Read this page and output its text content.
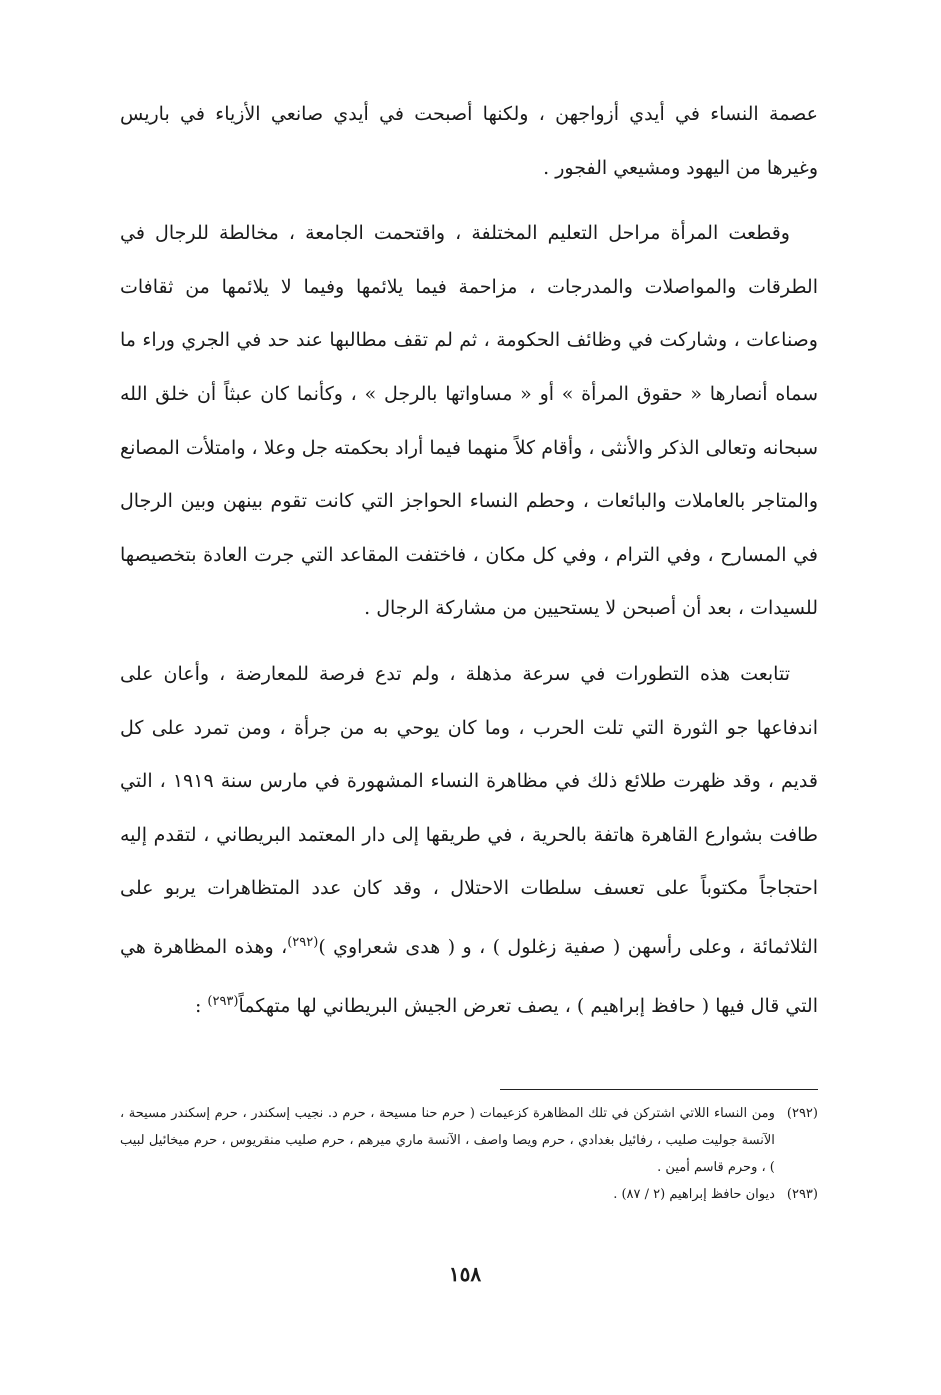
عصمة النساء في أيدي أزواجهن ، ولكنها أصبحت في أيدي صانعي الأزياء في باريس وغيرها من اليهود ومشيعي الفجور .

وقطعت المرأة مراحل التعليم المختلفة ، واقتحمت الجامعة ، مخالطة للرجال في الطرقات والمواصلات والمدرجات ، مزاحمة فيما يلائمها وفيما لا يلائمها من ثقافات وصناعات ، وشاركت في وظائف الحكومة ، ثم لم تقف مطالبها عند حد في الجري وراء ما سماه أنصارها « حقوق المرأة » أو « مساواتها بالرجل » ، وكأنما كان عبثاً أن خلق الله سبحانه وتعالى الذكر والأنثى ، وأقام كلاً منهما فيما أراد بحكمته جل وعلا ، وامتلأت المصانع والمتاجر بالعاملات والبائعات ، وحطم النساء الحواجز التي كانت تقوم بينهن وبين الرجال في المسارح ، وفي الترام ، وفي كل مكان ، فاختفت المقاعد التي جرت العادة بتخصيصها للسيدات ، بعد أن أصبحن لا يستحيين من مشاركة الرجال .

تتابعت هذه التطورات في سرعة مذهلة ، ولم تدع فرصة للمعارضة ، وأعان على اندفاعها جو الثورة التي تلت الحرب ، وما كان يوحي به من جرأة ، ومن تمرد على كل قديم ، وقد ظهرت طلائع ذلك في مظاهرة النساء المشهورة في مارس سنة ١٩١٩ ، التي طافت بشوارع القاهرة هاتفة بالحرية ، في طريقها إلى دار المعتمد البريطاني ، لتقدم إليه احتجاجاً مكتوباً على تعسف سلطات الاحتلال ، وقد كان عدد المتظاهرات يربو على الثلاثمائة ، وعلى رأسهن ( صفية زغلول ) ، و ( هدى شعراوي )$^{(٢٩٢)}$، وهذه المظاهرة هي التي قال فيها ( حافظ إبراهيم ) ، يصف تعرض الجيش البريطاني لها متهكماً$^{(٢٩٣)}$ :

(٢٩٢)
ومن النساء اللاتي اشتركن في تلك المظاهرة كزعيمات ( حرم حنا مسيحة ، حرم د. نجيب إسكندر ، حرم إسكندر مسيحة ، الآنسة جوليت صليب ، رفائيل بغدادي ، حرم ويصا واصف ، الآنسة ماري ميرهم ، حرم صليب منقريوس ، حرم ميخائيل لبيب ) ، وحرم قاسم أمين .

(٢٩٣)
ديوان حافظ إبراهيم (٢ / ٨٧) .

١٥٨
